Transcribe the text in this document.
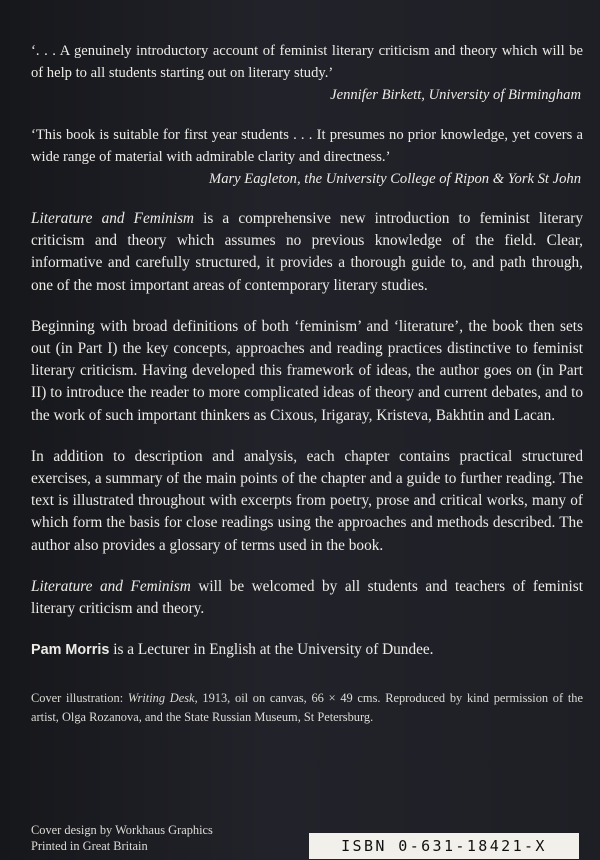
‘. . . A genuinely introductory account of feminist literary criticism and theory which will be of help to all students starting out on literary study.’

Jennifer Birkett, University of Birmingham

‘This book is suitable for first year students . . . It presumes no prior knowledge, yet covers a wide range of material with admirable clarity and directness.’

Mary Eagleton, the University College of Ripon & York St John

Literature and Feminism is a comprehensive new introduction to feminist literary criticism and theory which assumes no previous knowledge of the field. Clear, informative and carefully structured, it provides a thorough guide to, and path through, one of the most important areas of contemporary literary studies.

Beginning with broad definitions of both ‘feminism’ and ‘literature’, the book then sets out (in Part I) the key concepts, approaches and reading practices distinctive to feminist literary criticism. Having developed this framework of ideas, the author goes on (in Part II) to introduce the reader to more complicated ideas of theory and current debates, and to the work of such important thinkers as Cixous, Irigaray, Kristeva, Bakhtin and Lacan.

In addition to description and analysis, each chapter contains practical structured exercises, a summary of the main points of the chapter and a guide to further reading. The text is illustrated throughout with excerpts from poetry, prose and critical works, many of which form the basis for close readings using the approaches and methods described. The author also provides a glossary of terms used in the book.

Literature and Feminism will be welcomed by all students and teachers of feminist literary criticism and theory.

Pam Morris is a Lecturer in English at the University of Dundee.

Cover illustration: Writing Desk, 1913, oil on canvas, 66 × 49 cms. Reproduced by kind permission of the artist, Olga Rozanova, and the State Russian Museum, St Petersburg.

Cover design by Workhaus Graphics
Printed in Great Britain	ISBN 0-631-18421-X
